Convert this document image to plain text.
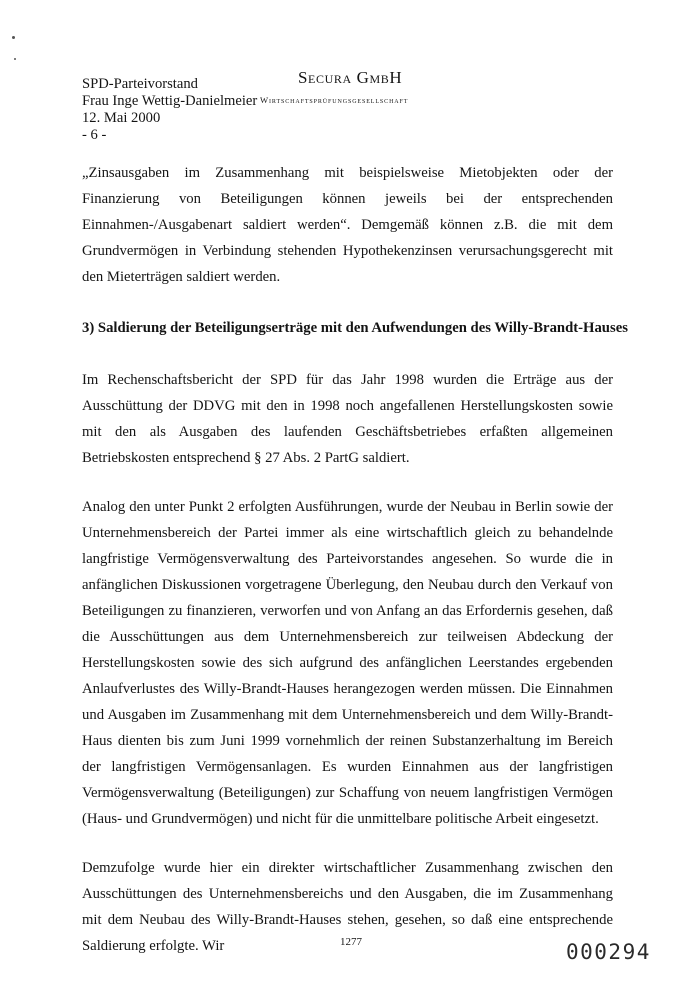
SPD-Parteivorstand
Frau Inge Wettig-Danielmeier
12. Mai 2000
- 6 -
Secura GmbH
Wirtschaftsprüfungsgesellschaft
„Zinsausgaben im Zusammenhang mit beispielsweise Mietobjekten oder der Finanzierung von Beteiligungen können jeweils bei der entsprechenden Einnahmen-/Ausgabenart saldiert werden“. Demgemäß können z.B. die mit dem Grundvermögen in Verbindung stehenden Hypothekenzinsen verursachungsgerecht mit den Mieterträgen saldiert werden.
3) Saldierung der Beteiligungserträge mit den Aufwendungen des Willy-Brandt-Hauses
Im Rechenschaftsbericht der SPD für das Jahr 1998 wurden die Erträge aus der Ausschüttung der DDVG mit den in 1998 noch angefallenen Herstellungskosten sowie mit den als Ausgaben des laufenden Geschäftsbetriebes erfaßten allgemeinen Betriebskosten entsprechend § 27 Abs. 2 PartG saldiert.
Analog den unter Punkt 2 erfolgten Ausführungen, wurde der Neubau in Berlin sowie der Unternehmensbereich der Partei immer als eine wirtschaftlich gleich zu behandelnde langfristige Vermögensverwaltung des Parteivorstandes angesehen. So wurde die in anfänglichen Diskussionen vorgetragene Überlegung, den Neubau durch den Verkauf von Beteiligungen zu finanzieren, verworfen und von Anfang an das Erfordernis gesehen, daß die Ausschüttungen aus dem Unternehmensbereich zur teilweisen Abdeckung der Herstellungskosten sowie des sich aufgrund des anfänglichen Leerstandes ergebenden Anlaufverlustes des Willy-Brandt-Hauses herangezogen werden müssen. Die Einnahmen und Ausgaben im Zusammenhang mit dem Unternehmensbereich und dem Willy-Brandt-Haus dienten bis zum Juni 1999 vornehmlich der reinen Substanzerhaltung im Bereich der langfristigen Vermögensanlagen. Es wurden Einnahmen aus der langfristigen Vermögensverwaltung (Beteiligungen) zur Schaffung von neuem langfristigen Vermögen (Haus- und Grundvermögen) und nicht für die unmittelbare politische Arbeit eingesetzt.
Demzufolge wurde hier ein direkter wirtschaftlicher Zusammenhang zwischen den Ausschüttungen des Unternehmensbereichs und den Ausgaben, die im Zusammenhang mit dem Neubau des Willy-Brandt-Hauses stehen, gesehen, so daß eine entsprechende Saldierung erfolgte. Wir	1277	000294
